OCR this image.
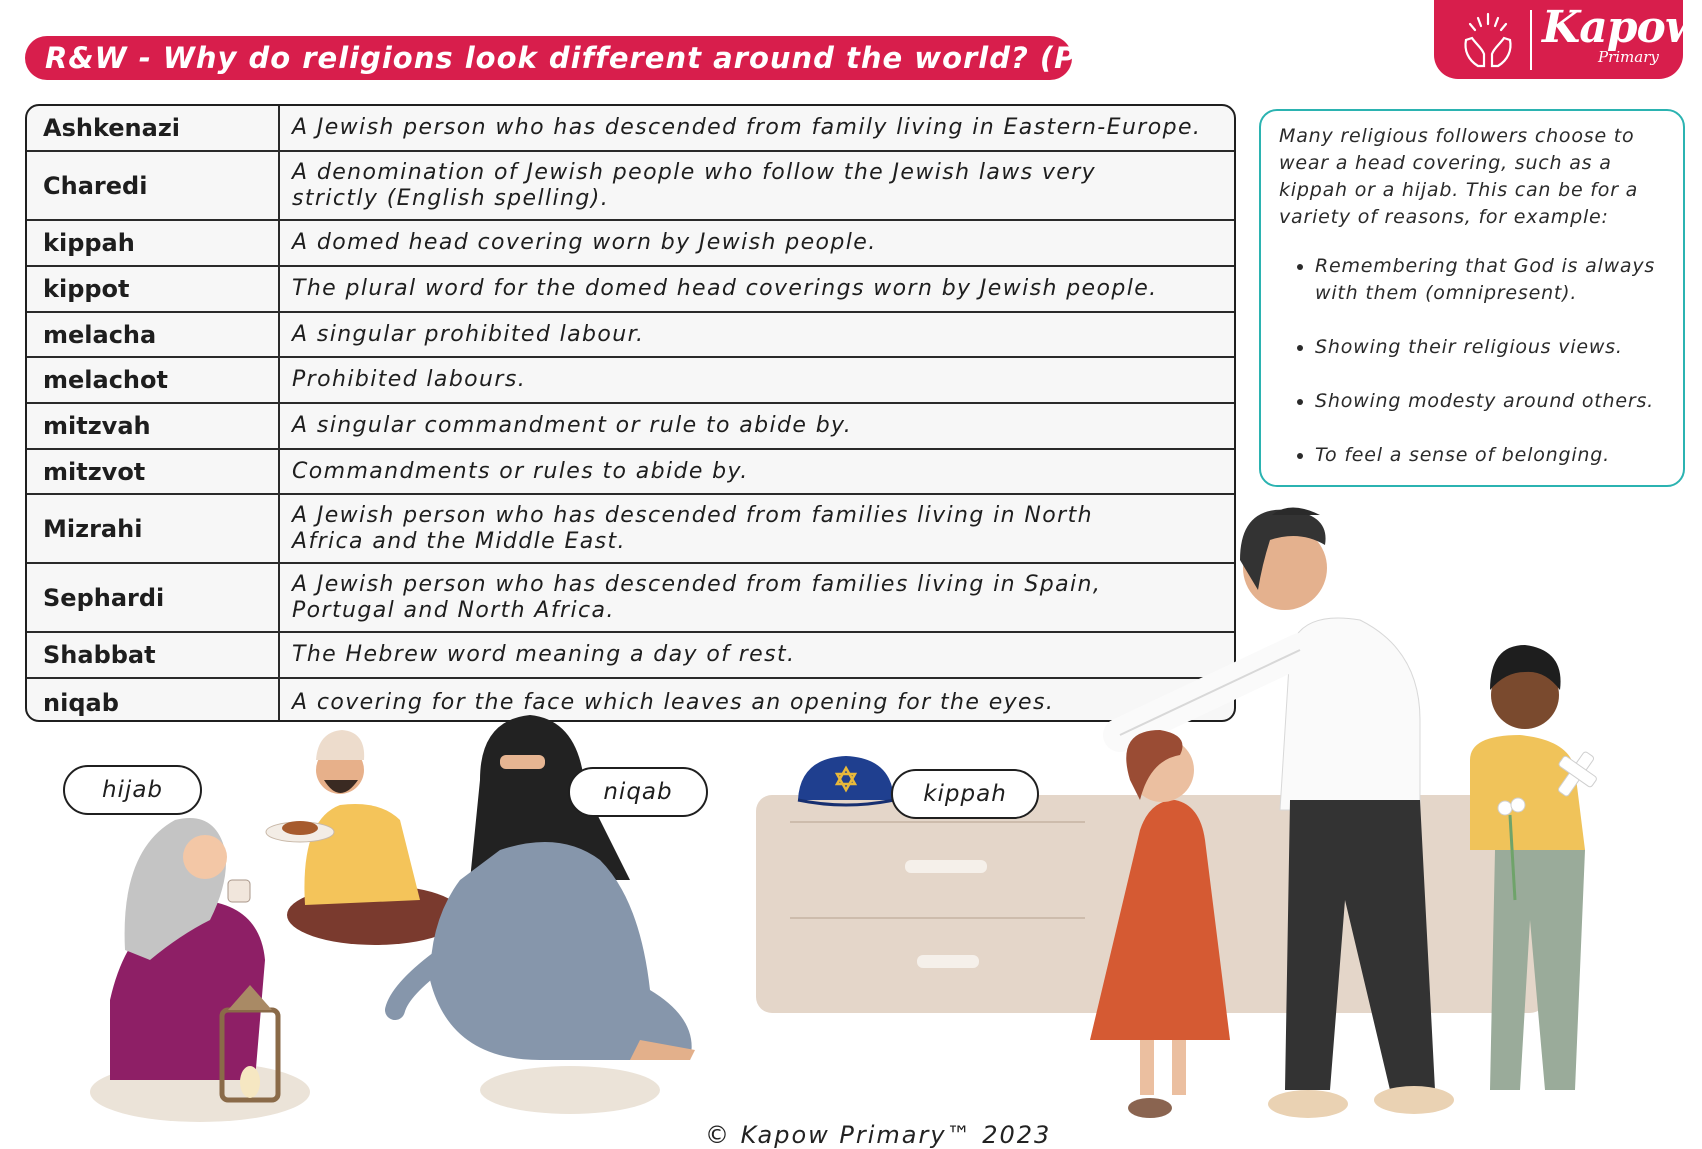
R&W - Why do religions look different around the world? (Part 1)
Kapow
Primary
Ashkenazi	A Jewish person who has descended from family living in Eastern-Europe.
Charedi	A denomination of Jewish people who follow the Jewish laws very strictly (English spelling).
kippah	A domed head covering worn by Jewish people.
kippot	The plural word for the domed head coverings worn by Jewish people.
melacha	A singular prohibited labour.
melachot	Prohibited labours.
mitzvah	A singular commandment or rule to abide by.
mitzvot	Commandments or rules to abide by.
Mizrahi	A Jewish person who has descended from families living in North Africa and the Middle East.
Sephardi	A Jewish person who has descended from families living in Spain, Portugal and North Africa.
Shabbat	The Hebrew word meaning a day of rest.
niqab	A covering for the face which leaves an opening for the eyes.
Many religious followers choose to wear a head covering, such as a kippah or a hijab. This can be for a variety of reasons, for example:
• Remembering that God is always with them (omnipresent).
• Showing their religious views.
• Showing modesty around others.
• To feel a sense of belonging.
hijab	niqab	kippah
© Kapow Primary™ 2023
